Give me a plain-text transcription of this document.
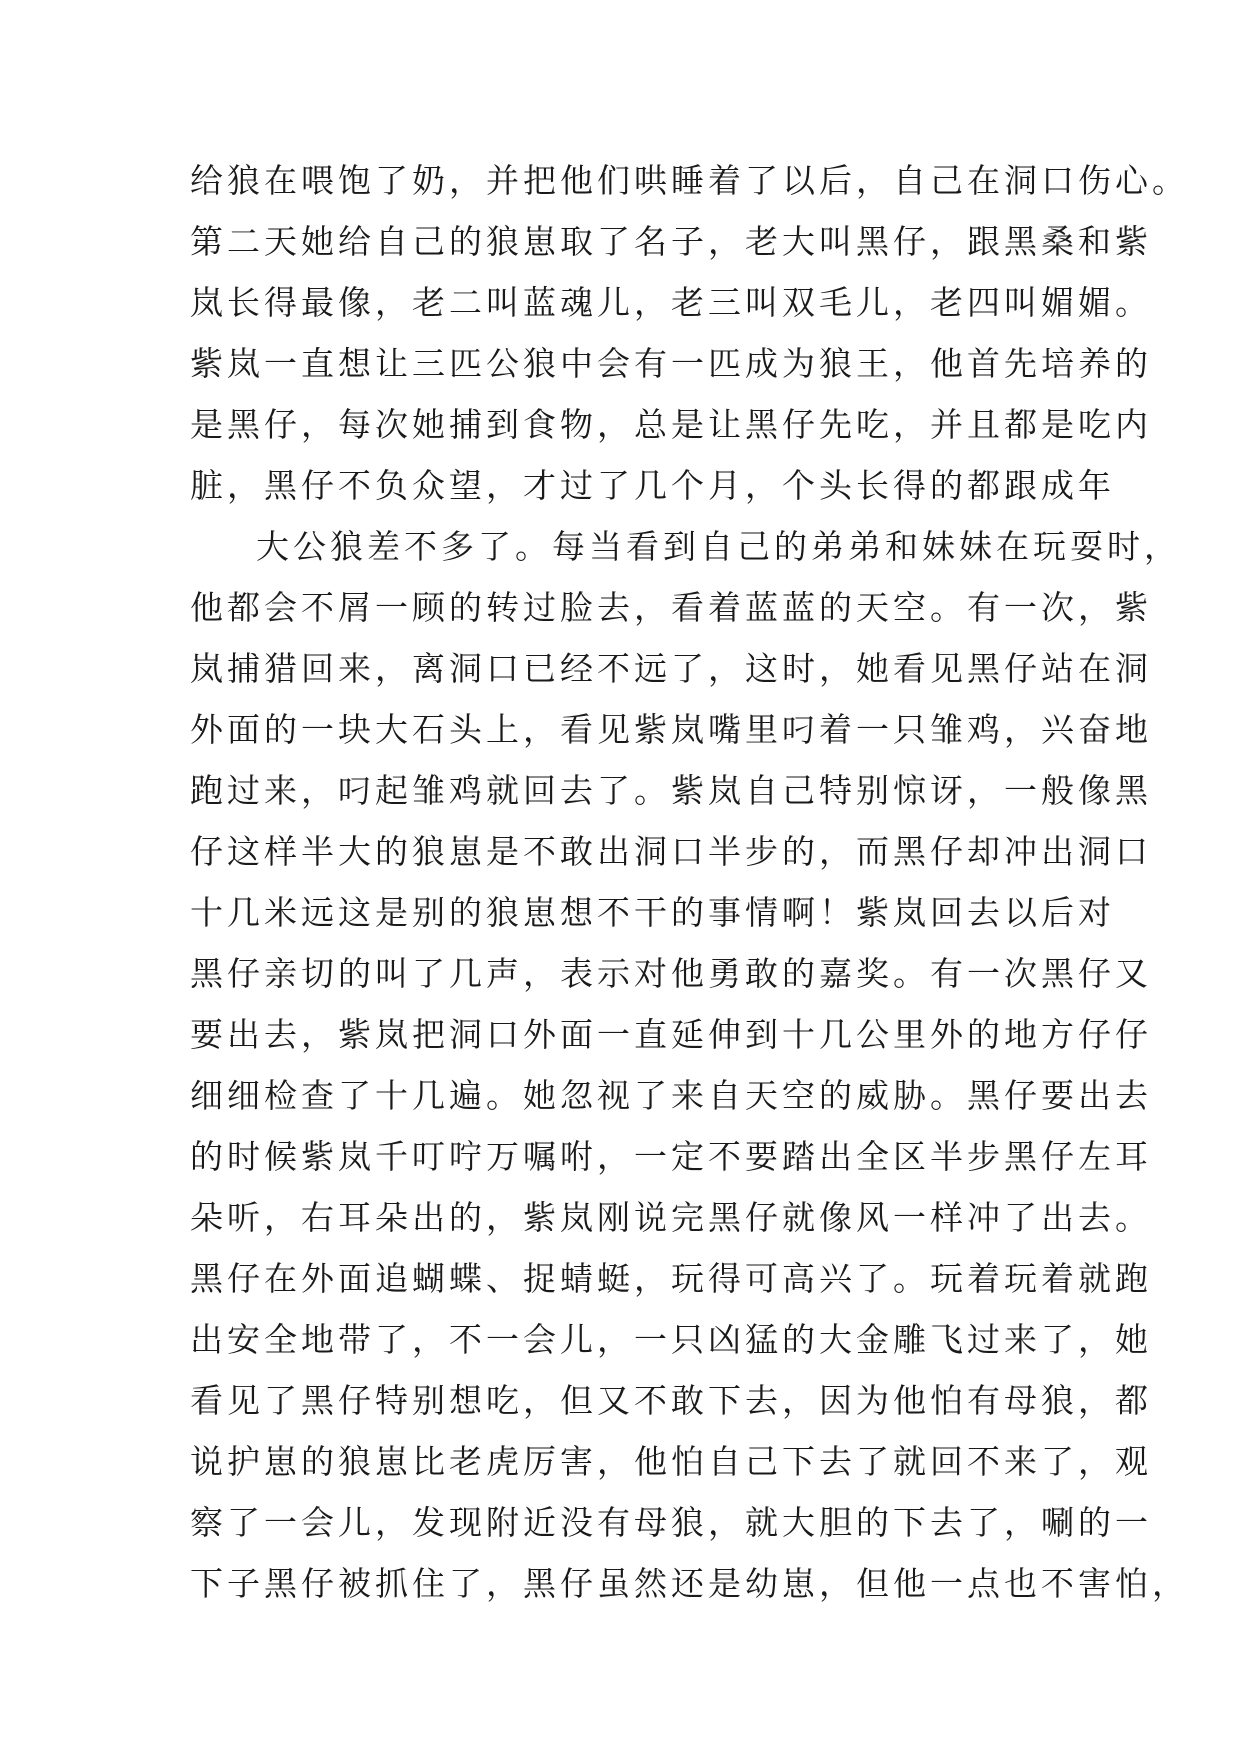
给狼在喂饱了奶，并把他们哄睡着了以后，自己在洞口伤心。
第二天她给自己的狼崽取了名子，老大叫黑仔，跟黑桑和紫
岚长得最像，老二叫蓝魂儿，老三叫双毛儿，老四叫媚媚。
紫岚一直想让三匹公狼中会有一匹成为狼王，他首先培养的
是黑仔，每次她捕到食物，总是让黑仔先吃，并且都是吃内
脏，黑仔不负众望，才过了几个月，个头长得的都跟成年
大公狼差不多了。每当看到自己的弟弟和妹妹在玩耍时，
他都会不屑一顾的转过脸去，看着蓝蓝的天空。有一次，紫
岚捕猎回来，离洞口已经不远了，这时，她看见黑仔站在洞
外面的一块大石头上，看见紫岚嘴里叼着一只雏鸡，兴奋地
跑过来，叼起雏鸡就回去了。紫岚自己特别惊讶，一般像黑
仔这样半大的狼崽是不敢出洞口半步的，而黑仔却冲出洞口
十几米远这是别的狼崽想不干的事情啊！紫岚回去以后对
黑仔亲切的叫了几声，表示对他勇敢的嘉奖。有一次黑仔又
要出去，紫岚把洞口外面一直延伸到十几公里外的地方仔仔
细细检查了十几遍。她忽视了来自天空的威胁。黑仔要出去
的时候紫岚千叮咛万嘱咐，一定不要踏出全区半步黑仔左耳
朵听，右耳朵出的，紫岚刚说完黑仔就像风一样冲了出去。
黑仔在外面追蝴蝶、捉蜻蜓，玩得可高兴了。玩着玩着就跑
出安全地带了，不一会儿，一只凶猛的大金雕飞过来了，她
看见了黑仔特别想吃，但又不敢下去，因为他怕有母狼，都
说护崽的狼崽比老虎厉害，他怕自己下去了就回不来了，观
察了一会儿，发现附近没有母狼，就大胆的下去了，唰的一
下子黑仔被抓住了，黑仔虽然还是幼崽，但他一点也不害怕，
